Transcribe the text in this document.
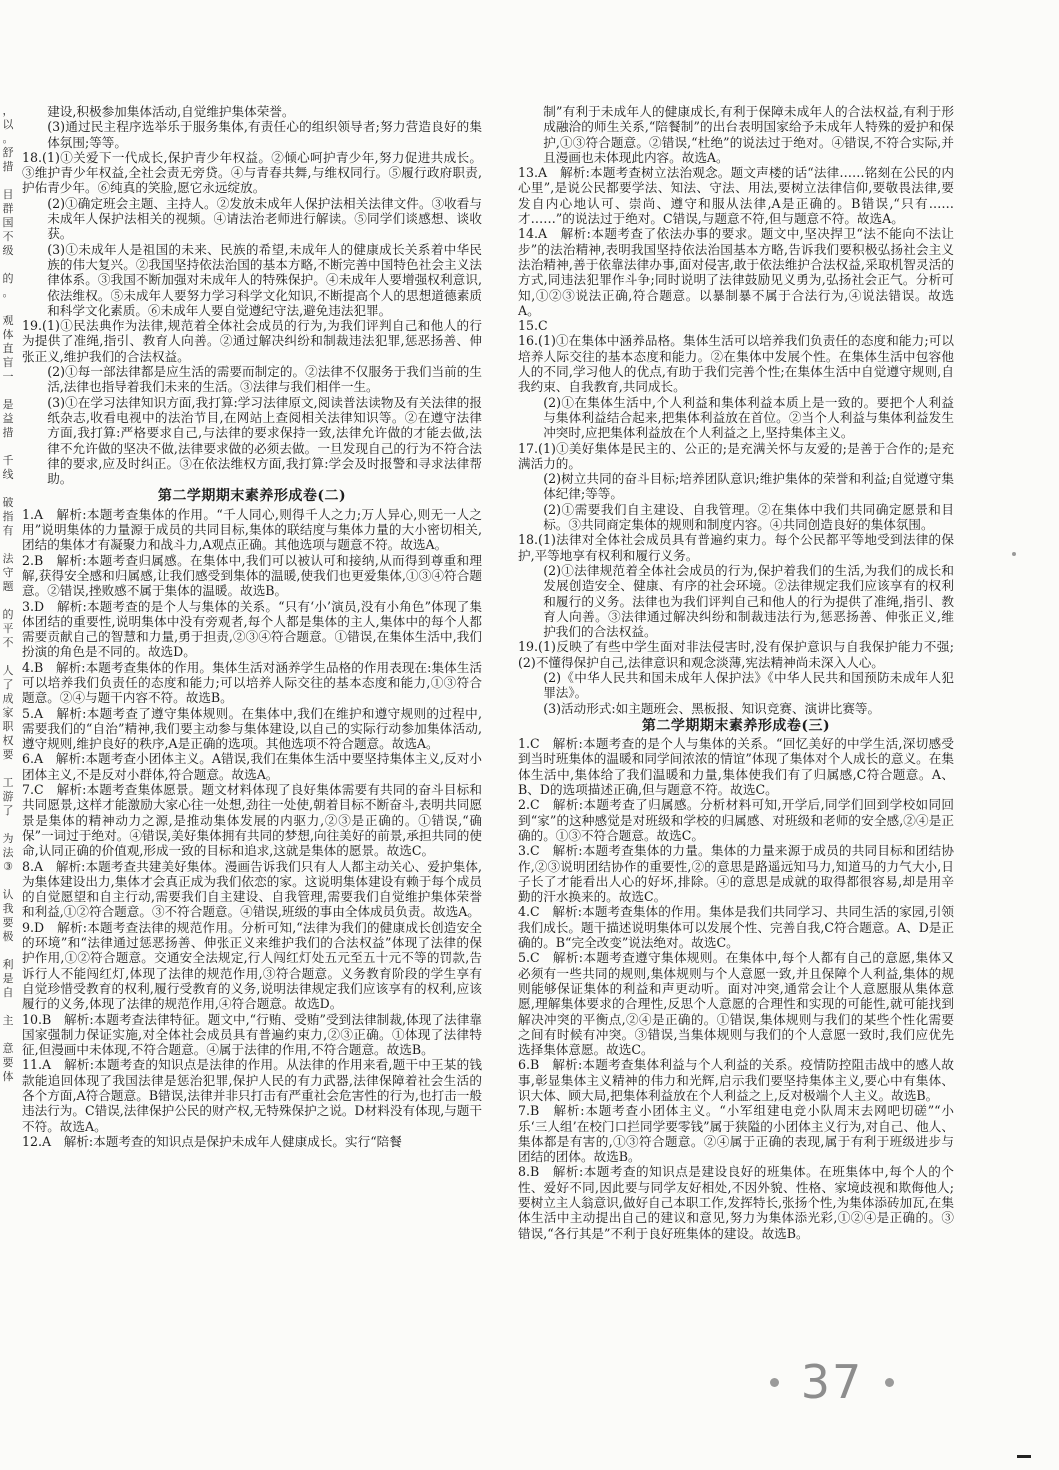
，
以
。
舒
措

目
群
国
不
级

的
。

观
体
直
盲
一

是
益
措

千
线

破
指
有

法
守
题

的
平
不

人
了
成
家
职
权
要

工
游
了

为
法
③

认
我
要
极

利
是
自

主

意
要
体

建设,积极参加集体活动,自觉维护集体荣誉。

(3)通过民主程序选举乐于服务集体,有责任心的组织领导者;努力营造良好的集体氛围;等等。

18.(1)①关爱下一代成长,保护青少年权益。②倾心呵护青少年,努力促进共成长。③维护青少年权益,全社会责无旁贷。④与青春共舞,与维权同行。⑤履行政府职责,护佑青少年。⑥纯真的笑脸,愿它永远绽放。

(2)①确定班会主题、主持人。②发放未成年人保护法相关法律文件。③收看与未成年人保护法相关的视频。④请法治老师进行解读。⑤同学们谈感想、谈收获。

(3)①未成年人是祖国的未来、民族的希望,未成年人的健康成长关系着中华民族的伟大复兴。②我国坚持依法治国的基本方略,不断完善中国特色社会主义法律体系。③我国不断加强对未成年人的特殊保护。④未成年人要增强权利意识,依法维权。⑤未成年人要努力学习科学文化知识,不断提高个人的思想道德素质和科学文化素质。⑥未成年人要自觉遵纪守法,避免违法犯罪。

19.(1)①民法典作为法律,规范着全体社会成员的行为,为我们评判自己和他人的行为提供了准绳,指引、教育人向善。②通过解决纠纷和制裁违法犯罪,惩恶扬善、伸张正义,维护我们的合法权益。

(2)①每一部法律都是应生活的需要而制定的。②法律不仅服务于我们当前的生活,法律也指导着我们未来的生活。③法律与我们相伴一生。

(3)①在学习法律知识方面,我打算:学习法律原文,阅读普法读物及有关法律的报纸杂志,收看电视中的法治节目,在网站上查阅相关法律知识等。②在遵守法律方面,我打算:严格要求自己,与法律的要求保持一致,法律允许做的才能去做,法律不允许做的坚决不做,法律要求做的必须去做。一旦发现自己的行为不符合法律的要求,应及时纠正。③在依法维权方面,我打算:学会及时报警和寻求法律帮助。

第二学期期末素养形成卷(二)

1.A　解析:本题考查集体的作用。“千人同心,则得千人之力;万人异心,则无一人之用”说明集体的力量源于成员的共同目标,集体的联结度与集体力量的大小密切相关,团结的集体才有凝聚力和战斗力,A观点正确。其他选项与题意不符。故选A。

2.B　解析:本题考查归属感。在集体中,我们可以被认可和接纳,从而得到尊重和理解,获得安全感和归属感,让我们感受到集体的温暖,使我们也更爱集体,①③④符合题意。②错误,挫败感不属于集体的温暖。故选B。

3.D　解析:本题考查的是个人与集体的关系。“只有‘小’演员,没有小角色”体现了集体团结的重要性,说明集体中没有旁观者,每个人都是集体的主人,集体中的每个人都需要贡献自己的智慧和力量,勇于担责,②③④符合题意。①错误,在集体生活中,我们扮演的角色是不同的。故选D。

4.B　解析:本题考查集体的作用。集体生活对涵养学生品格的作用表现在:集体生活可以培养我们负责任的态度和能力;可以培养人际交往的基本态度和能力,①③符合题意。②④与题干内容不符。故选B。

5.A　解析:本题考查了遵守集体规则。在集体中,我们在维护和遵守规则的过程中,需要我们的“自治”精神,我们要主动参与集体建设,以自己的实际行动参加集体活动,遵守规则,维护良好的秩序,A是正确的选项。其他选项不符合题意。故选A。

6.A　解析:本题考查小团体主义。A错误,我们在集体生活中要坚持集体主义,反对小团体主义,不是反对小群体,符合题意。故选A。

7.C　解析:本题考查集体愿景。题文材料体现了良好集体需要有共同的奋斗目标和共同愿景,这样才能激励大家心往一处想,劲往一处使,朝着目标不断奋斗,表明共同愿景是集体的精神动力之源,是推动集体发展的内驱力,②③是正确的。①错误,“确保”一词过于绝对。④错误,美好集体拥有共同的梦想,向往美好的前景,承担共同的使命,认同正确的价值观,形成一致的目标和追求,这就是集体的愿景。故选C。

8.A　解析:本题考查共建美好集体。漫画告诉我们只有人人都主动关心、爱护集体,为集体建设出力,集体才会真正成为我们依恋的家。这说明集体建设有赖于每个成员的自觉愿望和自主行动,需要我们自主建设、自我管理,需要我们自觉维护集体荣誉和利益,①②符合题意。③不符合题意。④错误,班级的事由全体成员负责。故选A。

9.D　解析:本题考查法律的规范作用。分析可知,“法律为我们的健康成长创造安全的环境”和“法律通过惩恶扬善、伸张正义来维护我们的合法权益”体现了法律的保护作用,①②符合题意。交通安全法规定,行人闯红灯处五元至五十元不等的罚款,告诉行人不能闯红灯,体现了法律的规范作用,③符合题意。义务教育阶段的学生享有自觉珍惜受教育的权利,履行受教育的义务,说明法律规定我们应该享有的权利,应该履行的义务,体现了法律的规范作用,④符合题意。故选D。

10.B　解析:本题考查法律特征。题文中,“行贿、受贿”受到法律制裁,体现了法律靠国家强制力保证实施,对全体社会成员具有普遍约束力,②③正确。①体现了法律特征,但漫画中未体现,不符合题意。④属于法律的作用,不符合题意。故选B。

11.A　解析:本题考查的知识点是法律的作用。从法律的作用来看,题干中王某的钱款能追回体现了我国法律是惩治犯罪,保护人民的有力武器,法律保障着社会生活的各个方面,A符合题意。B错误,法律并非只打击有严重社会危害性的行为,也打击一般违法行为。C错误,法律保护公民的财产权,无特殊保护之说。D材料没有体现,与题干不符。故选A。

12.A　解析:本题考查的知识点是保护未成年人健康成长。实行“陪餐

制”有利于未成年人的健康成长,有利于保障未成年人的合法权益,有利于形成融洽的师生关系,“陪餐制”的出台表明国家给予未成年人特殊的爱护和保护,①③符合题意。②错误,“杜绝”的说法过于绝对。④错误,不符合实际,并且漫画也未体现此内容。故选A。

13.A　解析:本题考查树立法治观念。题文声楼的话“法律……铭刻在公民的内心里”,是说公民都要学法、知法、守法、用法,要树立法律信仰,要敬畏法律,要发自内心地认可、崇尚、遵守和服从法律,A是正确的。B错误,“只有……才……”的说法过于绝对。C错误,与题意不符,但与题意不符。故选A。

14.A　解析:本题考查了依法办事的要求。题文中,坚决捍卫“法不能向不法让步”的法治精神,表明我国坚持依法治国基本方略,告诉我们要积极弘扬社会主义法治精神,善于依靠法律办事,面对侵害,敢于依法维护合法权益,采取机智灵活的方式,同违法犯罪作斗争;同时说明了法律鼓励见义勇为,弘扬社会正气。分析可知,①②③说法正确,符合题意。以暴制暴不属于合法行为,④说法错误。故选A。

15.C

16.(1)①在集体中涵养品格。集体生活可以培养我们负责任的态度和能力;可以培养人际交往的基本态度和能力。②在集体中发展个性。在集体生活中包容他人的不同,学习他人的优点,有助于我们完善个性;在集体生活中自觉遵守规则,自我约束、自我教育,共同成长。

(2)①在集体生活中,个人利益和集体利益本质上是一致的。要把个人利益与集体利益结合起来,把集体利益放在首位。②当个人利益与集体利益发生冲突时,应把集体利益放在个人利益之上,坚持集体主义。

17.(1)①美好集体是民主的、公正的;是充满关怀与友爱的;是善于合作的;是充满活力的。

(2)树立共同的奋斗目标;培养团队意识;维护集体的荣誉和利益;自觉遵守集体纪律;等等。

(2)①需要我们自主建设、自我管理。②在集体中我们共同确定愿景和目标。③共同商定集体的规则和制度内容。④共同创造良好的集体氛围。

18.(1)法律对全体社会成员具有普遍约束力。每个公民都平等地受到法律的保护,平等地享有权利和履行义务。

(2)①法律规范着全体社会成员的行为,保护着我们的生活,为我们的成长和发展创造安全、健康、有序的社会环境。②法律规定我们应该享有的权利和履行的义务。法律也为我们评判自己和他人的行为提供了准绳,指引、教育人向善。③法律通过解决纠纷和制裁违法行为,惩恶扬善、伸张正义,维护我们的合法权益。

19.(1)反映了有些中学生面对非法侵害时,没有保护意识与自我保护能力不强;(2)不懂得保护自己,法律意识和观念淡薄,宪法精神尚未深入人心。

(2)《中华人民共和国未成年人保护法》《中华人民共和国预防未成年人犯罪法》。

(3)活动形式:如主题班会、黑板报、知识竞赛、演讲比赛等。

第二学期期末素养形成卷(三)

1.C　解析:本题考查的是个人与集体的关系。“回忆美好的中学生活,深切感受到当时班集体的温暖和同学间浓浓的情谊”体现了集体对个人成长的意义。在集体生活中,集体给了我们温暖和力量,集体使我们有了归属感,C符合题意。A、B、D的选项描述正确,但与题意不符。故选C。

2.C　解析:本题考查了归属感。分析材料可知,开学后,同学们回到学校如同回到“家”的这种感觉是对班级和学校的归属感、对班级和老师的安全感,②④是正确的。①③不符合题意。故选C。

3.C　解析:本题考查集体的力量。集体的力量来源于成员的共同目标和团结协作,②③说明团结协作的重要性,②的意思是路遥远知马力,知道马的力气大小,日子长了才能看出人心的好坏,排除。④的意思是成就的取得都很容易,却是用辛勤的汗水换来的。故选C。

4.C　解析:本题考查集体的作用。集体是我们共同学习、共同生活的家园,引领我们成长。题干描述说明集体可以发展个性、完善自我,C符合题意。A、D是正确的。B“完全改变”说法绝对。故选C。

5.C　解析:本题考查遵守集体规则。在集体中,每个人都有自己的意愿,集体又必须有一些共同的规则,集体规则与个人意愿一致,并且保障个人利益,集体的规则能够保证集体的利益和声更动听。面对冲突,通常会让个人意愿服从集体意愿,理解集体要求的合理性,反思个人意愿的合理性和实现的可能性,就可能找到解决冲突的平衡点,②④是正确的。①错误,集体规则与我们的某些个性化需要之间有时候有冲突。③错误,当集体规则与我们的个人意愿一致时,我们应优先选择集体意愿。故选C。

6.B　解析:本题考查集体利益与个人利益的关系。疫情防控阻击战中的感人故事,彰显集体主义精神的伟力和光辉,启示我们要坚持集体主义,要心中有集体、识大体、顾大局,把集体利益放在个人利益之上,反对极端个人主义。故选B。

7.B　解析:本题考查小团体主义。“小军组建电竞小队周末去网吧切磋”“小乐‘三人组’在校门口拦同学要零钱”属于狭隘的小团体主义行为,对自己、他人、集体都是有害的,①③符合题意。②④属于正确的表现,属于有利于班级进步与团结的团体。故选B。

8.B　解析:本题考查的知识点是建设良好的班集体。在班集体中,每个人的个性、爱好不同,因此要与同学友好相处,不因外貌、性格、家境歧视和欺侮他人;要树立主人翁意识,做好自己本职工作,发挥特长,张扬个性,为集体添砖加瓦,在集体生活中主动提出自己的建议和意见,努力为集体添光彩,①②④是正确的。③错误,“各行其是”不利于良好班集体的建设。故选B。

37
